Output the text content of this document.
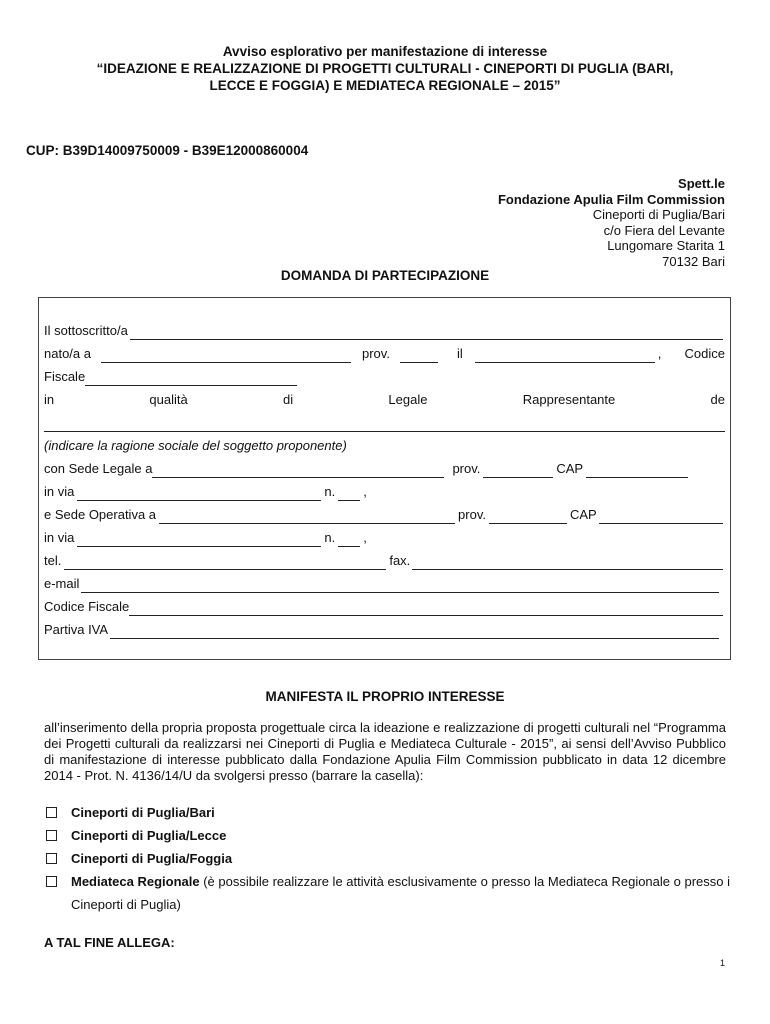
Avviso esplorativo per manifestazione di interesse
“IDEAZIONE E REALIZZAZIONE DI PROGETTI CULTURALI - CINEPORTI DI PUGLIA (BARI,
LECCE E FOGGIA) E MEDIATECA REGIONALE – 2015”
CUP: B39D14009750009 - B39E12000860004
Spett.le
Fondazione Apulia Film Commission
Cineporti di Puglia/Bari
c/o Fiera del Levante
Lungomare Starita 1
70132 Bari
DOMANDA DI PARTECIPAZIONE
Il sottoscritto/a
nato/a a	prov.	il	, Codice
Fiscale
in	qualità	di	Legale	Rappresentante	de
(indicare la ragione sociale del soggetto proponente)
con Sede Legale a	prov.	CAP
in via	n. ,
e Sede Operativa a	prov.	CAP
in via	n. ,
tel.	fax.
e-mail
Codice Fiscale
Partiva IVA
MANIFESTA IL PROPRIO INTERESSE
all’inserimento della propria proposta progettuale circa la ideazione e realizzazione di progetti culturali nel “Programma dei Progetti culturali da realizzarsi nei Cineporti di Puglia e Mediateca Culturale - 2015”, ai sensi dell’Avviso Pubblico di manifestazione di interesse pubblicato dalla Fondazione Apulia Film Commission pubblicato in data 12 dicembre 2014 - Prot. N. 4136/14/U da svolgersi presso (barrare la casella):
Cineporti di Puglia/Bari
Cineporti di Puglia/Lecce
Cineporti di Puglia/Foggia
Mediateca Regionale (è possibile realizzare le attività esclusivamente o presso la Mediateca Regionale o presso i Cineporti di Puglia)
A TAL FINE ALLEGA:
1
